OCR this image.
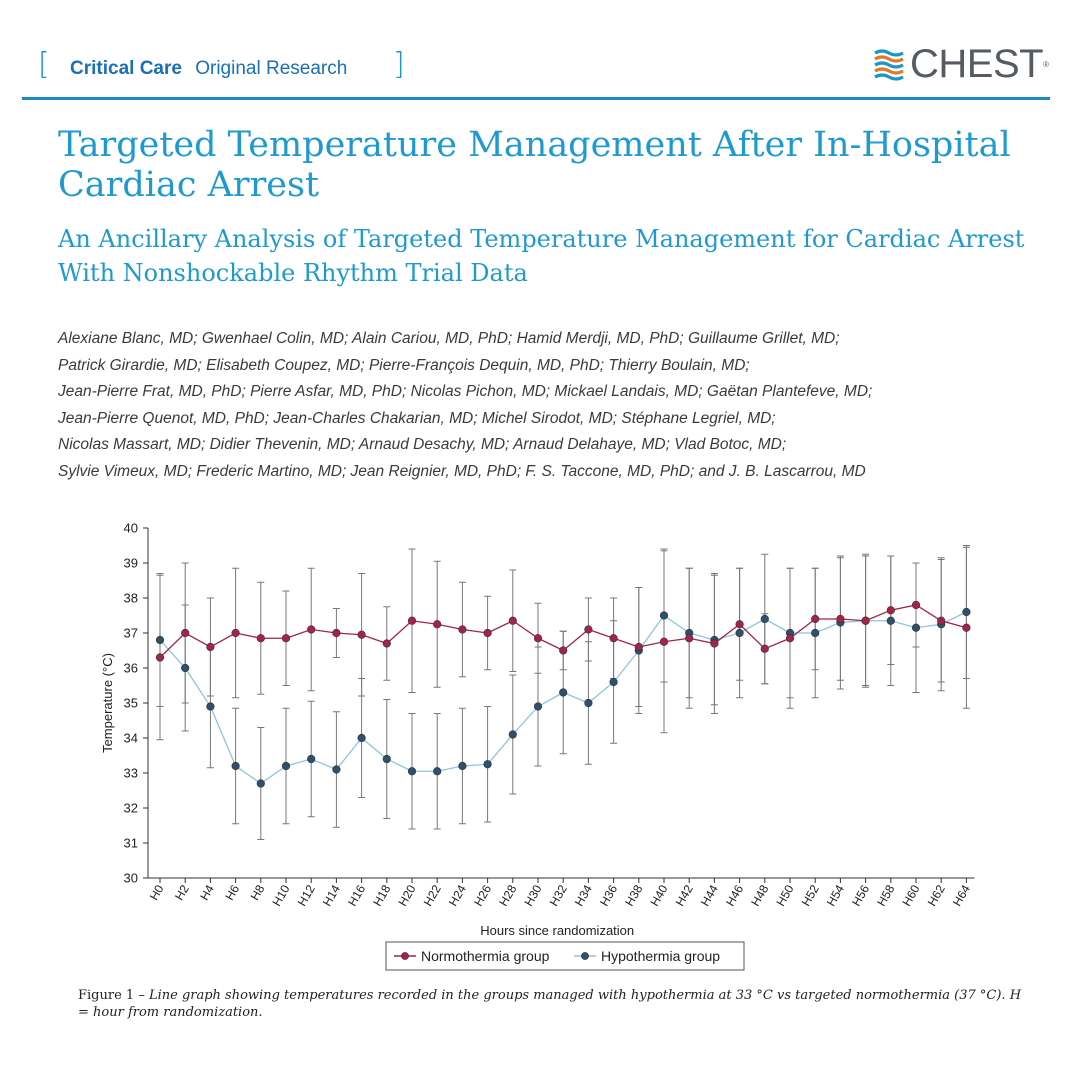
[ Critical Care Original Research ]	CHEST ®
Targeted Temperature Management After In-Hospital Cardiac Arrest
An Ancillary Analysis of Targeted Temperature Management for Cardiac Arrest With Nonshockable Rhythm Trial Data
Alexiane Blanc, MD; Gwenhael Colin, MD; Alain Cariou, MD, PhD; Hamid Merdji, MD, PhD; Guillaume Grillet, MD;
Patrick Girardie, MD; Elisabeth Coupez, MD; Pierre-François Dequin, MD, PhD; Thierry Boulain, MD;
Jean-Pierre Frat, MD, PhD; Pierre Asfar, MD, PhD; Nicolas Pichon, MD; Mickael Landais, MD; Gaëtan Plantefeve, MD;
Jean-Pierre Quenot, MD, PhD; Jean-Charles Chakarian, MD; Michel Sirodot, MD; Stéphane Legriel, MD;
Nicolas Massart, MD; Didier Thevenin, MD; Arnaud Desachy, MD; Arnaud Delahaye, MD; Vlad Botoc, MD;
Sylvie Vimeux, MD; Frederic Martino, MD; Jean Reignier, MD, PhD; F. S. Taccone, MD, PhD; and J. B. Lascarrou, MD
30
31
32
33
34
35
36
37
38
39
40
Temperature (°C)
H0 H2 H4 H6 H8 H10 H12 H14 H16 H18 H20 H22 H24 H26 H28 H30 H32 H34 H36 H38 H40 H42 H44 H46 H48 H50 H52 H54 H56 H58 H60 H62 H64
Hours since randomization
Normothermia group	Hypothermia group
Figure 1 – Line graph showing temperatures recorded in the groups managed with hypothermia at 33 °C vs targeted normothermia (37 °C). H = hour from randomization.
